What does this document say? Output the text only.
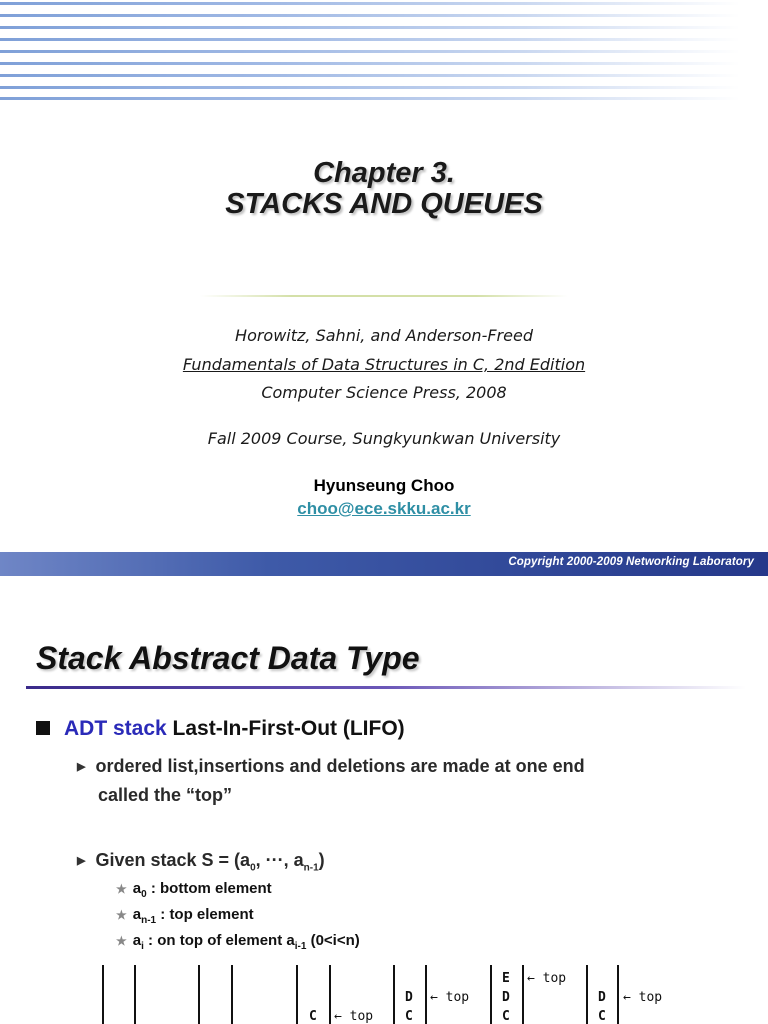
Chapter 3.
STACKS AND QUEUES
Horowitz, Sahni, and Anderson-Freed
Fundamentals of Data Structures in C, 2nd Edition
Computer Science Press, 2008
Fall 2009 Course, Sungkyunkwan University
Hyunseung Choo
choo@ece.skku.ac.kr
Copyright 2000-2009 Networking Laboratory
Stack Abstract Data Type
ADT stack Last-In-First-Out (LIFO)
▶ ordered list,insertions and deletions are made at one end
called the “top”
▶ Given stack $S = (a_0$, ···, $a_{n-1}$)
★ $a_0$ : bottom element
★ $a_{n-1}$ : top element
★ $a_i$ : on top of element $a_{i-1}$ (0<i<n)
C ← top
D ← top
C
E ← top
D
C
D ← top
C
